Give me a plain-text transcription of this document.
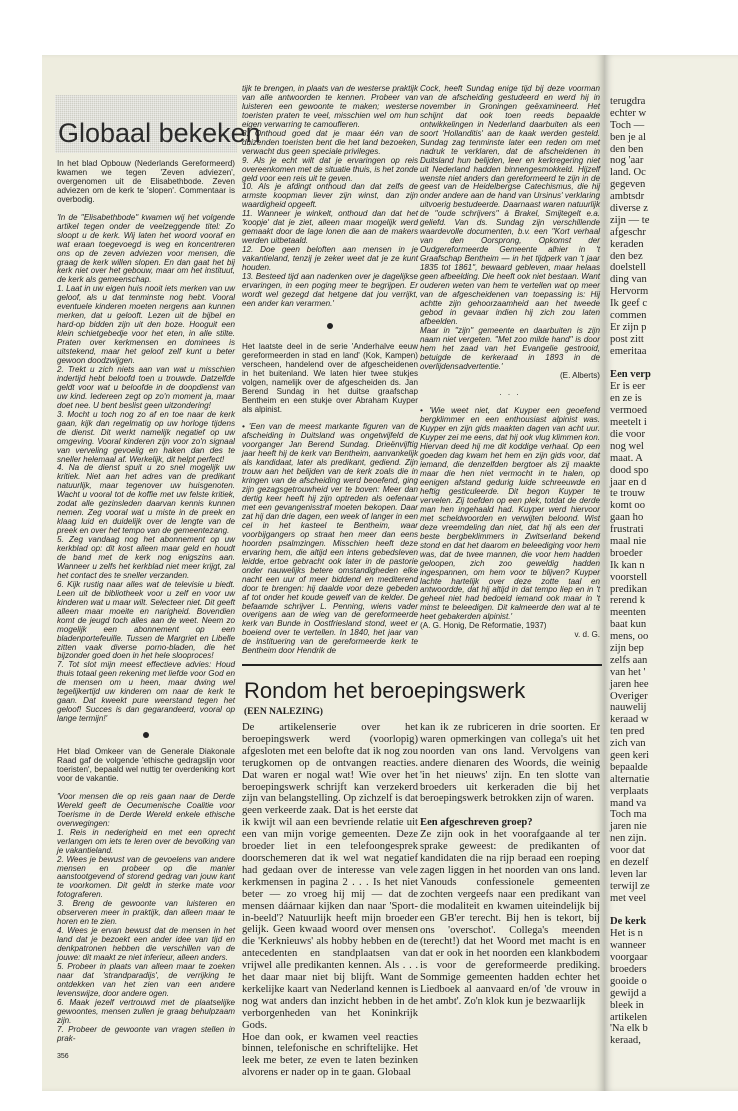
Globaal bekeken

In het blad Opbouw (Nederlands Gereformeerd) kwamen we tegen 'Zeven adviezen', overgenomen uit de Elisabethbode. Zeven adviezen om de kerk te 'slopen'. Commentaar is overbodig.

'In de ''Elisabethbode'' kwamen wij het volgende artikel tegen onder de veelzeggende titel: Zo sloopt u de kerk. Wij laten het woord vooraf en wat eraan toegevoegd is weg en koncentreren ons op de zeven adviezen voor mensen, die graag de kerk willen slopen. En dan gaat het bij kerk niet over het gebouw, maar om het instituut, de kerk als gemeenschap.

1. Laat in uw eigen huis nooit iets merken van uw geloof, als u dat tenminste nog hebt. Vooral eventuele kinderen moeten nergens aan kunnen merken, dat u gelooft. Lezen uit de bijbel en hard-op bidden zijn uit den boze. Hooguit een klein schietgebedje voor het eten, in alle stilte. Praten over kerkmensen en dominees is uitstekend, maar het geloof zelf kunt u beter gewoon doodzwijgen.

2. Trekt u zich niets aan van wat u misschien indertijd hebt beloofd toen u trouwde. Datzelfde geldt voor wat u beloofde in de doopdienst van uw kind. Iedereen zegt op zo'n moment ja, maar doet nee. U bent beslist geen uitzondering!

3. Mocht u toch nog zo af en toe naar de kerk gaan, kijk dan regelmatig op uw horloge tijdens de dienst. Dit werkt namelijk negatief op uw omgeving. Vooral kinderen zijn voor zo'n signaal van verveling gevoelig en haken dan des te sneller helemaal af. Werkelijk, dit helpt perfect!

4. Na de dienst spuit u zo snel mogelijk uw kritiek. Niet aan het adres van de predikant natuurlijk, maar tegenover uw huisgenoten. Wacht u vooral tot de koffie met uw felste kritiek, zodat alle gezinsleden daarvan kennis kunnen nemen. Zeg vooral wat u miste in de preek en klaag luid en duidelijk over de lengte van de preek en over het tempo van de gemeentezang.

5. Zeg vandaag nog het abonnement op uw kerkblad op: dit kost alleen maar geld en houdt de band met de kerk nog enigszins aan. Wanneer u zelfs het kerkblad niet meer krijgt, zal het contact des te sneller verzanden.

6. Kijk rustig naar alles wat de televisie u biedt. Leen uit de bibliotheek voor u zelf en voor uw kinderen wat u maar wilt. Selecteer niet. Dit geeft alleen maar moeite en narigheid. Bovendien komt de jeugd toch alles aan de weet. Neem zo mogelijk een abonnement op een bladenportefeuille. Tussen de Margriet en Libelle zitten vaak diverse porno-bladen, die het bijzonder goed doen in het hele slooproces!

7. Tot slot mijn meest effectieve advies: Houd thuis totaal geen rekening met liefde voor God en de mensen om u heen, maar dwing wel tegelijkertijd uw kinderen om naar de kerk te gaan. Dat kweekt pure weerstand tegen het geloof! Succes is dan gegarandeerd, vooral op lange termijn!'

Het blad Omkeer van de Generale Diakonale Raad gaf de volgende 'ethische gedragslijn voor toeristen', bepaald wel nuttig ter overdenking kort voor de vakantie.

'Voor mensen die op reis gaan naar de Derde Wereld geeft de Oecumenische Coalitie voor Toerisme in de Derde Wereld enkele ethische overwegingen:

1. Reis in nederigheid en met een oprecht verlangen om iets te leren over de bevolking van je vakantieland.

2. Wees je bewust van de gevoelens van andere mensen en probeer op die manier aanstootgevend of storend gedrag van jouw kant te voorkomen. Dit geldt in sterke mate voor fotograferen.

3. Breng de gewoonte van luisteren en observeren meer in praktijk, dan alleen maar te horen en te zien.

4. Wees je ervan bewust dat de mensen in het land dat je bezoekt een ander idee van tijd en denkpatronen hebben die verschillen van de jouwe: dit maakt ze niet inferieur, alleen anders.

5. Probeer in plaats van alleen maar te zoeken naar dat 'strandparadijs', de verrijking te ontdekken van het zien van een andere levenswijze, door andere ogen.

6. Maak jezelf vertrouwd met de plaatselijke gewoontes, mensen zullen je graag behulpzaam zijn.

7. Probeer de gewoonte van vragen stellen in prak-

tijk te brengen, in plaats van de westerse praktijk van alle antwoorden te kennen. Probeer van luisteren een gewoonte te maken; westerse toeristen praten te veel, misschien wel om hun eigen verwarring te camoufleren.

8. Onthoud goed dat je maar één van de duizenden toeristen bent die het land bezoeken, verwacht dus geen speciale privileges.

9. Als je echt wilt dat je ervaringen op reis overeenkomen met de situatie thuis, is het zonde geld voor een reis uit te geven.

10. Als je afdingt onthoud dan dat zelfs de armste koopman liever zijn winst, dan zijn waardigheid opgeeft.

11. Wanneer je winkelt, onthoud dan dat het 'koopje' dat je ziet, alleen maar mogelijk werd gemaakt door de lage lonen die aan de makers werden uitbetaald.

12. Doe geen beloften aan mensen in je vakantieland, tenzij je zeker weet dat je ze kunt houden.

13. Besteed tijd aan nadenken over je dagelijkse ervaringen, in een poging meer te begrijpen. Er wordt wel gezegd dat hetgene dat jou verrijkt, een ander kan verarmen.'

Het laatste deel in de serie 'Anderhalve eeuw gereformeerden in stad en land' (Kok, Kampen) verscheen, handelend over de afgescheidenen in het buitenland. We laten hier twee stukjes volgen, namelijk over de afgescheiden ds. Jan Berend Sundag in het duitse graafschap Bentheim en een stukje over Abraham Kuyper als alpinist.

• 'Een van de meest markante figuren van de afscheiding in Duitsland was ongetwijfeld de voorganger Jan Berend Sundag. Drieënvijftig jaar heeft hij de kerk van Bentheim, aanvankelijk als kandidaat, later als predikant, gediend. Zijn trouw aan het belijden van de kerk zoals die in kringen van de afscheiding werd beoefend, ging zijn gezagsgetrouwheid ver te boven: Meer dan dertig keer heeft hij zijn optreden als oefenaar met een gevangenisstraf moeten bekopen. Daar zat hij dan drie dagen, een week of langer in een cel in het kasteel te Bentheim, waar voorbijgangers op straat hen meer dan eens hoorden psalmzingen. Misschien heeft deze ervaring hem, die altijd een intens gebedsleven leidde, ertoe gebracht ook later in de pastorie onder nauwelijks betere omstandigheden elke nacht een uur of meer biddend en mediterend door te brengen: hij daalde voor deze gebeden af tot onder het koude gewelf van de kelder. De befaamde schrijver L. Penning, wiens vader overigens aan de wieg van de gereformeerde kerk van Bunde in Oostfriesland stond, weet er boeiend over te vertellen. In 1840, het jaar van de instituering van de gereformeerde kerk te Bentheim door Hendrik de

Cock, heeft Sundag enige tijd bij deze voorman van de afscheiding gestudeerd en werd hij in november in Groningen geëxamineerd. Het schijnt dat ook toen reeds bepaalde ontwikkelingen in Nederland daarbuiten als een soort 'Hollanditis' aan de kaak werden gesteld. Sundag zag tenminste later een reden om met nadruk te verklaren, dat de afscheidenen in Duitsland hun belijden, leer en kerkregering niet uit Nederland hadden binnengesmokkeld. Hijzelf wenste niet anders dan gereformeerd te zijn in de geest van de Heidelbergse Catechismus, die hij onder andere aan de hand van Ursinus' verklaring uitvoerig bestudeerde. Daarnaast waren natuurlijk de ''oude schrijvers'' à Brakel, Smijtegelt e.a. geliefd. Van ds. Sundag zijn verschillende waardevolle documenten, b.v. een ''Kort verhaal van den Oorsprong, Opkomst der Oudgereformeerde Gemeente alhier in 't Graafschap Bentheim — in het tijdperk van 't jaar 1835 tot 1861'', bewaard gebleven, maar helaas geen afbeelding. Die heeft ook niet bestaan. Want ouderen weten van hem te vertellen wat op meer van de afgescheidenen van toepassing is: Hij achtte zijn gehoorzaamheid aan het tweede gebod in gevaar indien hij zich zou laten afbeelden.

Maar in ''zijn'' gemeente en daarbuiten is zijn naam niet vergeten. ''Met zoo milde hand'' is door hem het zaad van het Evangelie gestrooid, betuigde de kerkeraad in 1893 in de overlijdensadvertentie.'

(E. Alberts)

. . .

• 'Wie weet niet, dat Kuyper een geoefend bergklimmer en een enthousiast alpinist was. Kuyper en zijn gids maakten dagen van acht uur. Kuyper zei me eens, dat hij ook vlug klimmen kon. Hiervan deed hij me dit koddige verhaal. Op een goeden dag kwam het hem en zijn gids voor, dat iemand, die denzelfden bergtoer als zij maakte maar die hen niet vermocht in te halen, op eenigen afstand gedurig luide schreeuwde en heftig gesticuleerde. Dit begon Kuyper te vervelen. Zij toefden op een plek, totdat de derde man hen ingehaald had. Kuyper werd hiervoor met scheldwoorden en verwijten beloond. Wist deze vreemdeling dan niet, dat hij als een der beste bergbeklimmers in Zwitserland bekend stond en dat het daarom en beleediging voor hem was, dat de twee mannen, die voor hem hadden geloopen, zich zoo geweldig hadden ingespannen, om hem voor te blijven? Kuyper lachte hartelijk over deze zotte taal en antwoordde, dat hij altijd in dat tempo liep en in 't geheel niet had bedoeld iemand ook maar in 't minst te beleedigen. Dit kalmeerde den wat al te heet gebakerden alpinist.'

(A. G. Honig, De Reformatie, 1937)

v. d. G.

Rondom het beroepingswerk
(EEN NALEZING)

De artikelenserie over het beroepingswerk werd (voorlopig) afgesloten met een belofte dat ik nog zou terugkomen op de ontvangen reacties. Dat waren er nogal wat! Wie over het beroepingswerk schrijft kan verzekerd zijn van belangstelling. Op zichzelf is dat geen verkeerde zaak. Dat is het eerste dat ik kwijt wil aan een bevriende relatie uit een van mijn vorige gemeenten. Deze broeder liet in een telefoongesprek doorschemeren dat ik wel wat negatief had gedaan over de interesse van vele kerkmensen in pagina 2 . . . Is het niet beter — zo vroeg hij mij — dat de mensen dáárnaar kijken dan naar 'Sport-in-beeld'? Natuurlijk heeft mijn broeder gelijk. Geen kwaad woord over mensen die 'Kerknieuws' als hobby hebben en de antecedenten en standplaatsen van vrijwel alle predikanten kennen. Als . . . het daar maar niet bij blijft. Want de kerkelijke kaart van Nederland kennen is nog wat anders dan inzicht hebben in de verborgenheden van het Koninkrijk Gods.

Hoe dan ook, er kwamen veel reacties binnen, telefonische en schriftelijke. Het leek me beter, ze even te laten bezinken alvorens er nader op in te gaan. Globaal

kan ik ze rubriceren in drie soorten. Er waren opmerkingen van collega's uit het noorden van ons land. Vervolgens van andere dienaren des Woords, die weinig 'in het nieuws' zijn. En ten slotte van broeders uit kerkeraden die bij het beroepingswerk betrokken zijn of waren.

Een afgeschreven groep?

Ze zijn ook in het voorafgaande al ter sprake geweest: de predikanten of kandidaten die na rijp beraad een roeping zagen liggen in het noorden van ons land. Vanouds confessionele gemeenten zochten vergeefs naar een predikant van die modaliteit en kwamen uiteindelijk bij een GB'er terecht. Bij hen is tekort, bij ons 'overschot'. Collega's meenden (terecht!) dat het Woord met macht is en dat er ook in het noorden een klankbodem is voor de gereformeerde prediking. Sommige gemeenten hadden echter het Liedboek al aanvaard en/of 'de vrouw in het ambt'. Zo'n klok kun je bezwaarlijk

356
terugdra
echter w
Toch —
ben je al
den ben
nog 'aar
land. Oc
gegeven
ambtsdr
diverse z
zijn — te
afgeschr
keraden
den bez
doelstell
ding van
Hervorm
Ik geef c
commen
Er zijn p
post zitt
emeritaa
Een verp
Er is eer
en ze is
vermoed
meetelt i
die voor
nog wel
maat. A
dood spo
jaar en d
te trouw
komt oo
gaan ho
frustrati
maal nie
broeder
Ik kan n
voorstell
predikan
rerend k
meenten
baat kun
mens, oo
zijn bep
zelfs aan
van het '
jaren hee
Overiger
nauwelij
keraad w
ten pred
zich van
geen keri
bepaalde
alternatie
verplaats
mand va
Toch ma
jaren nie
nen zijn.
voor dat
en dezelf
leven lar
terwijl ze
met veel
De kerk
Het is n
wanneer
voorgaar
broeders
gooide o
gewijd a
bleek in
artikelen
'Na elk b
keraad,
